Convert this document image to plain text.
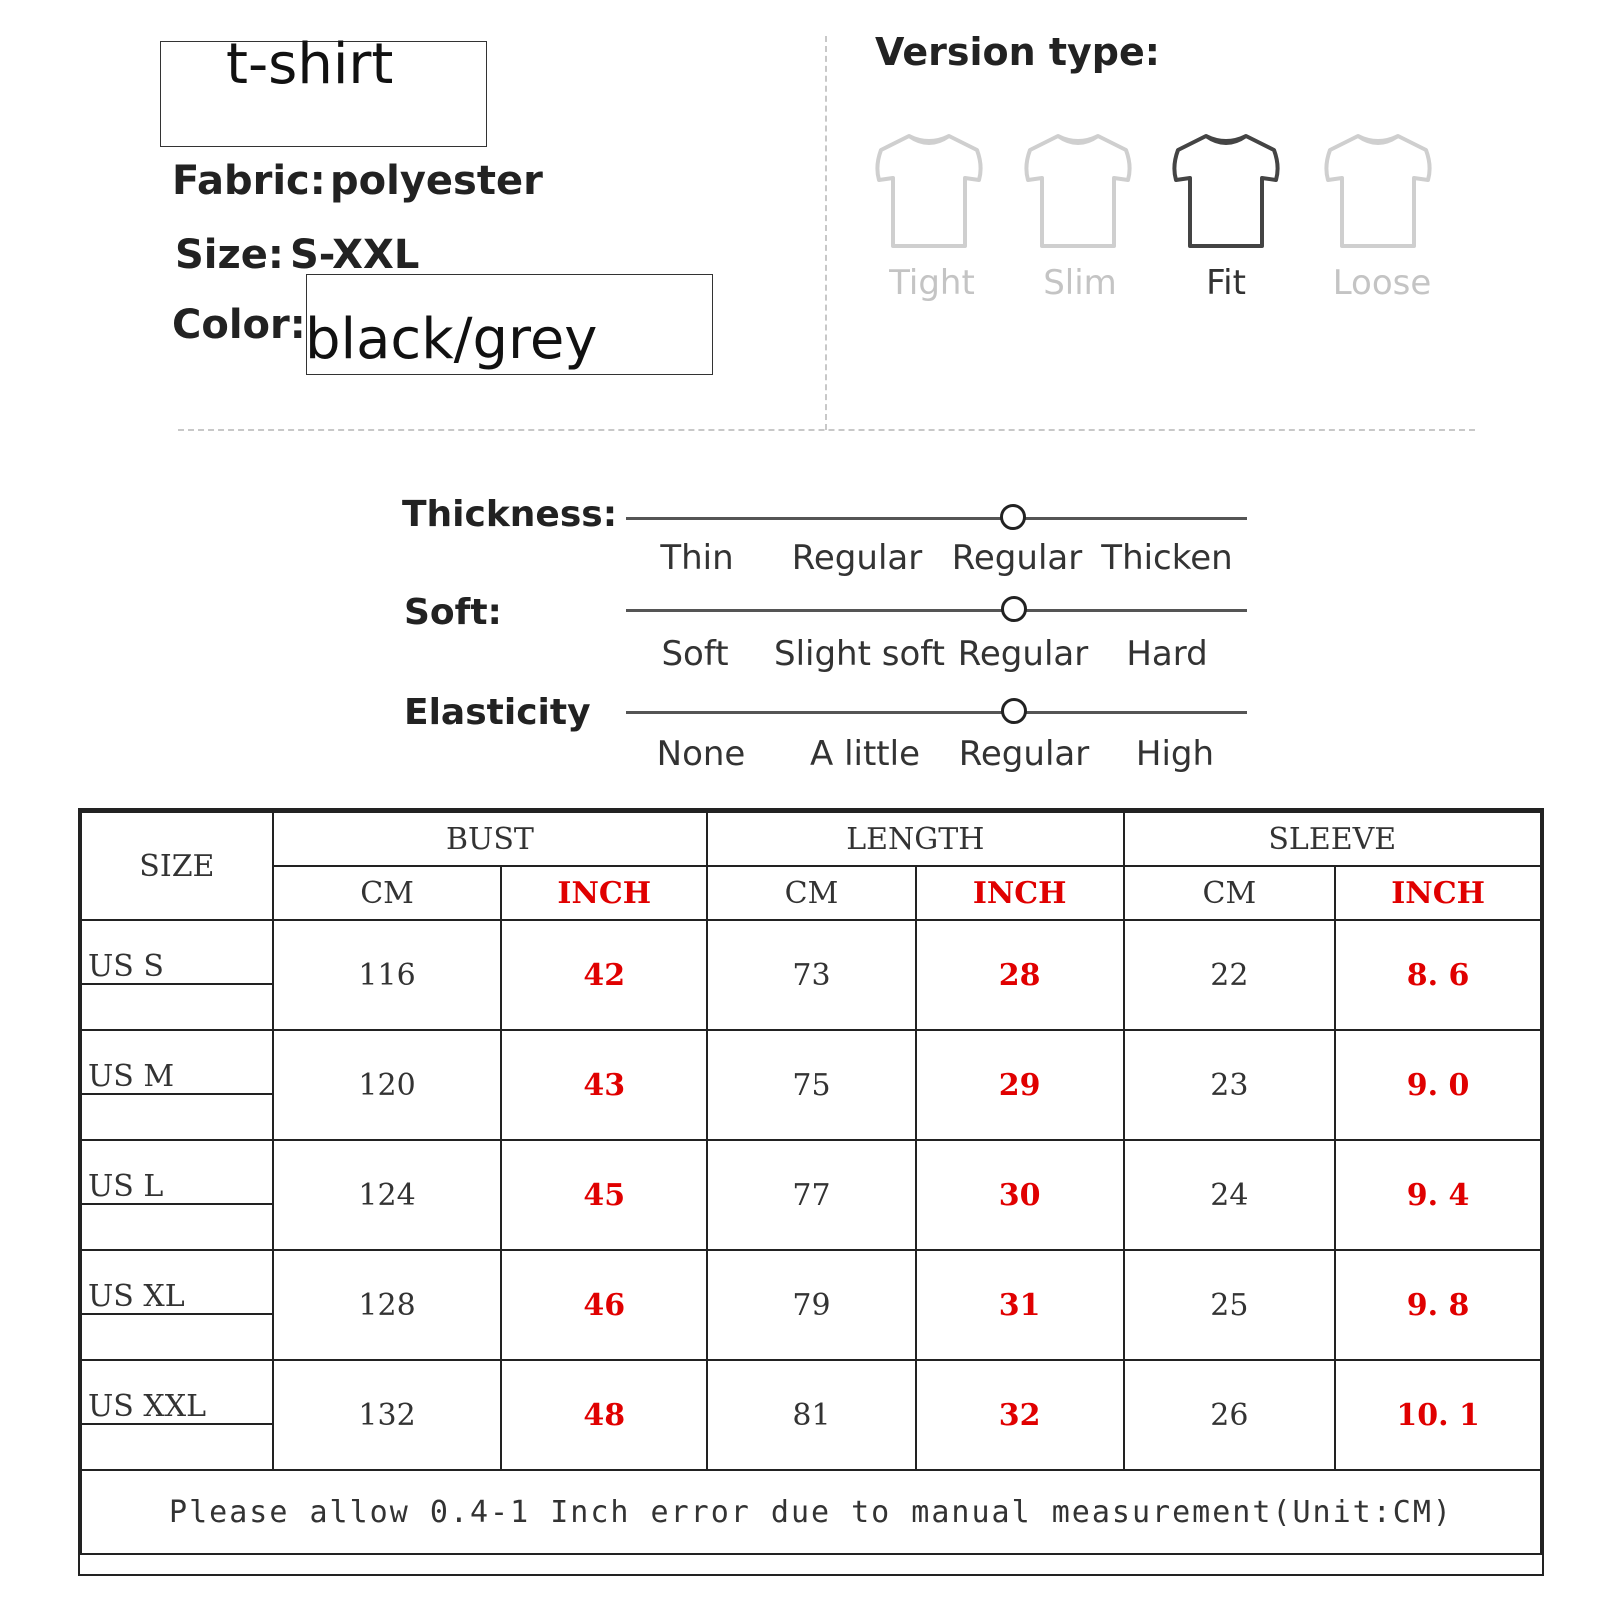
t-shirt
Fabric: polyester
Size: S-XXL
Color: black/grey
Version type:
Tight	Slim	Fit	Loose
Thickness:
Thin	Regular Regular Thicken
Soft:
Soft	Slight soft Regular	Hard
Elasticity
None	A little	Regular	High
SIZE	BUST		LENGTH		SLEEVE	
	CM	INCH	CM	INCH	CM	INCH

US S	116	42	73	28	22	8. 6

US M	120	43	75	29	23	9. 0

US L	124	45	77	30	24	9. 4

US XL	128	46	79	31	25	9. 8

US XXL	132	48	81	32	26	10. 1
Please allow 0.4-1 Inch error due to manual measurement(Unit:CM)						
